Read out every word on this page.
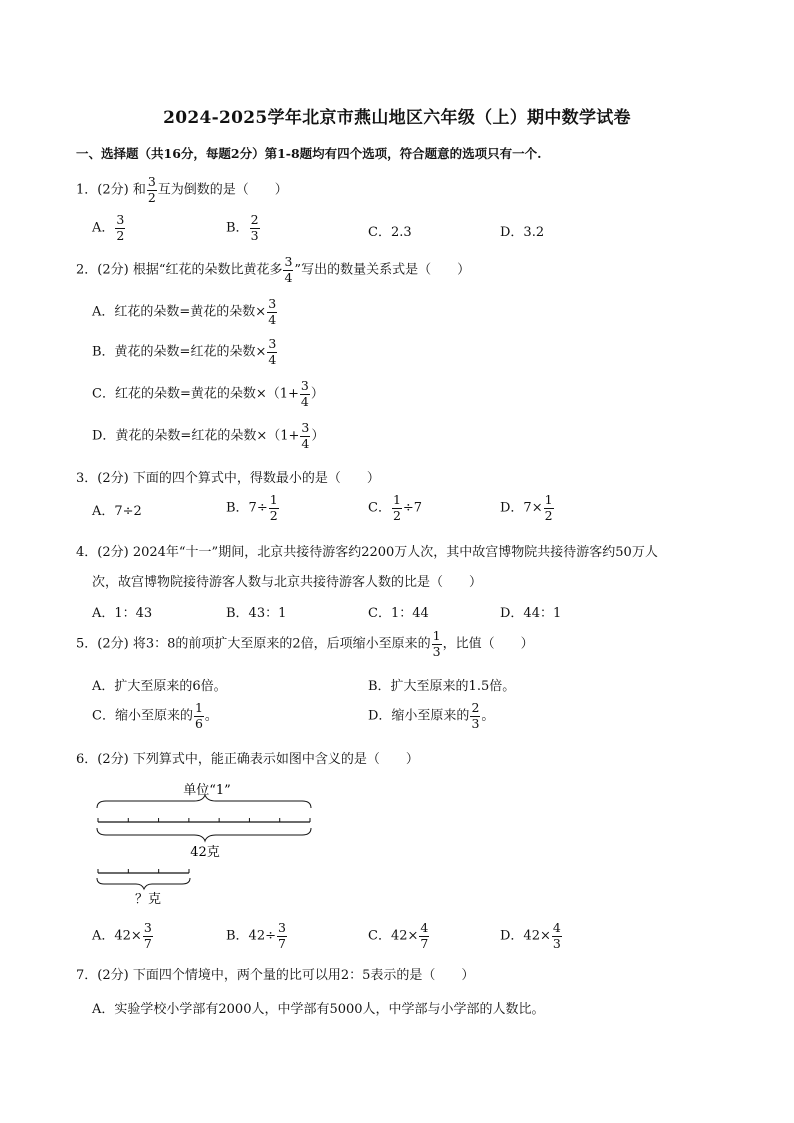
2024-2025学年北京市燕山地区六年级（上）期中数学试卷
一、选择题（共16分，每题2分）第1-8题均有四个选项，符合题意的选项只有一个.
1．(2分) 和 $\frac{3}{2}$ 互为倒数的是（　　）
A． $\frac{3}{2}$	B． $\frac{2}{3}$	C．2.3	D．3.2
2．(2分) 根据“红花的朵数比黄花多 $\frac{3}{4}$ ”写出的数量关系式是（　　）
A．红花的朵数=黄花的朵数× $\frac{3}{4}$
B．黄花的朵数=红花的朵数× $\frac{3}{4}$
C．红花的朵数=黄花的朵数$\times(1+ \frac{3}{4}$ ）
D．黄花的朵数=红花的朵数$\times(1+ \frac{3}{4}$ ）
3．(2分) 下面的四个算式中，得数最小的是（　　）
A．7÷2	B．$7\div \frac{1}{2}$	C． $\frac{1}{2} \div 7$	D．$7\times \frac{1}{2}$
4．(2分) 2024年“十一”期间，北京共接待游客约2200万人次，其中故宫博物院共接待游客约50万人
次，故宫博物院接待游客人数与北京共接待游客人数的比是（　　）
A．1：43	B．43：1	C．1：44	D．44：1
5．(2分) 将3：8的前项扩大至原来的2倍，后项缩小至原来的 $\frac{1}{3}$ ，比值（　　）
A．扩大至原来的6倍。	B．扩大至原来的1.5倍。
C．缩小至原来的 $\frac{1}{6}$ 。	D．缩小至原来的 $\frac{2}{3}$ 。
6．(2分) 下列算式中，能正确表示如图中含义的是（　　）
单位“1”
42克
？克
A．$42\times \frac{3}{7}$	B．$42\div \frac{3}{7}$	C．$42\times \frac{4}{7}$	D．$42\times \frac{4}{3}$
7．(2分) 下面四个情境中，两个量的比可以用2：5表示的是（　　）
A．实验学校小学部有2000人，中学部有5000人，中学部与小学部的人数比。
